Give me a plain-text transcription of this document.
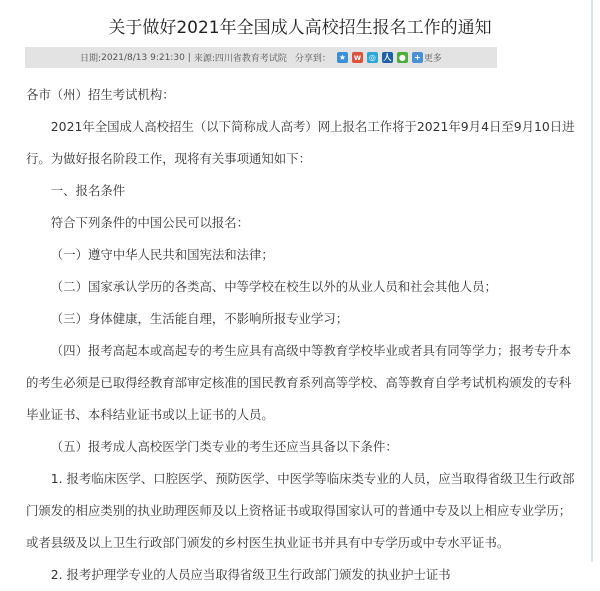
关于做好2021年全国成人高校招生报名工作的通知
日期: 2021/8/13 9:21:30 | 来源: 四川省教育考试院 分享到： ★ w ◎ 人 ● + 更多

各市（州）招生考试机构：

2021年全国成人高校招生（以下简称成人高考）网上报名工作将于2021年9月4日至9月10日进行。为做好报名阶段工作，现将有关事项通知如下：

一、报名条件

符合下列条件的中国公民可以报名：

（一）遵守中华人民共和国宪法和法律；

（二）国家承认学历的各类高、中等学校在校生以外的从业人员和社会其他人员；

（三）身体健康，生活能自理，不影响所报专业学习；

（四）报考高起本或高起专的考生应具有高级中等教育学校毕业或者具有同等学力；报考专升本的考生必须是已取得经教育部审定核准的国民教育系列高等学校、高等教育自学考试机构颁发的专科毕业证书、本科结业证书或以上证书的人员。

（五）报考成人高校医学门类专业的考生还应当具备以下条件：

1. 报考临床医学、口腔医学、预防医学、中医学等临床类专业的人员，应当取得省级卫生行政部门颁发的相应类别的执业助理医师及以上资格证书或取得国家认可的普通中专及以上相应专业学历；或者县级及以上卫生行政部门颁发的乡村医生执业证书并具有中专学历或中专水平证书。

2. 报考护理学专业的人员应当取得省级卫生行政部门颁发的执业护士证书
